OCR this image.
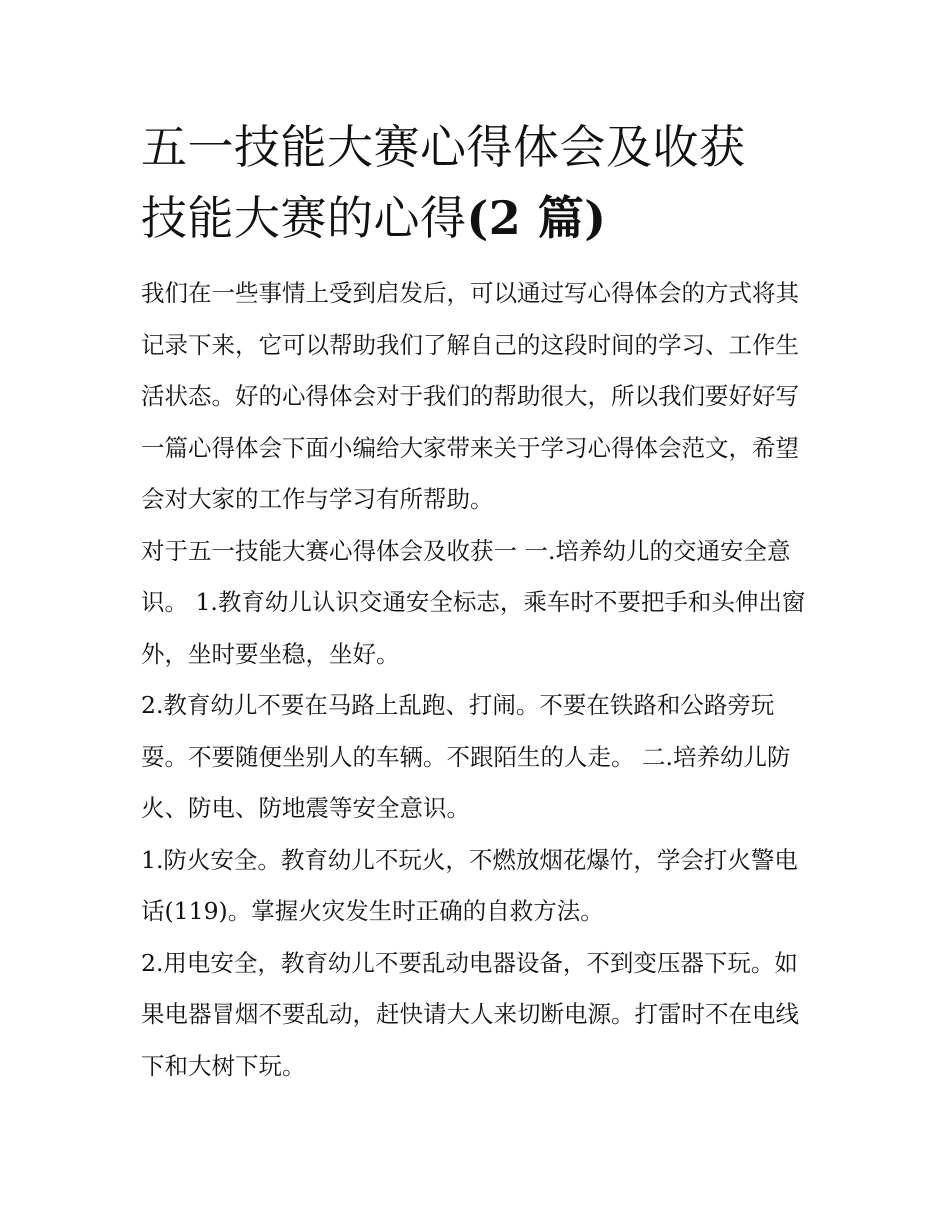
五一技能大赛心得体会及收获
技能大赛的心得(2 篇)

我们在一些事情上受到启发后，可以通过写心得体会的方式将其记录下来，它可以帮助我们了解自己的这段时间的学习、工作生活状态。好的心得体会对于我们的帮助很大，所以我们要好好写一篇心得体会下面小编给大家带来关于学习心得体会范文，希望会对大家的工作与学习有所帮助。

对于五一技能大赛心得体会及收获一 一.培养幼儿的交通安全意识。 1.教育幼儿认识交通安全标志，乘车时不要把手和头伸出窗外，坐时要坐稳，坐好。

2.教育幼儿不要在马路上乱跑、打闹。不要在铁路和公路旁玩耍。不要随便坐别人的车辆。不跟陌生的人走。 二.培养幼儿防火、防电、防地震等安全意识。

1.防火安全。教育幼儿不玩火，不燃放烟花爆竹，学会打火警电 话(119)。掌握火灾发生时正确的自救方法。

2.用电安全，教育幼儿不要乱动电器设备，不到变压器下玩。如果电器冒烟不要乱动，赶快请大人来切断电源。打雷时不在电线下和大树下玩。
